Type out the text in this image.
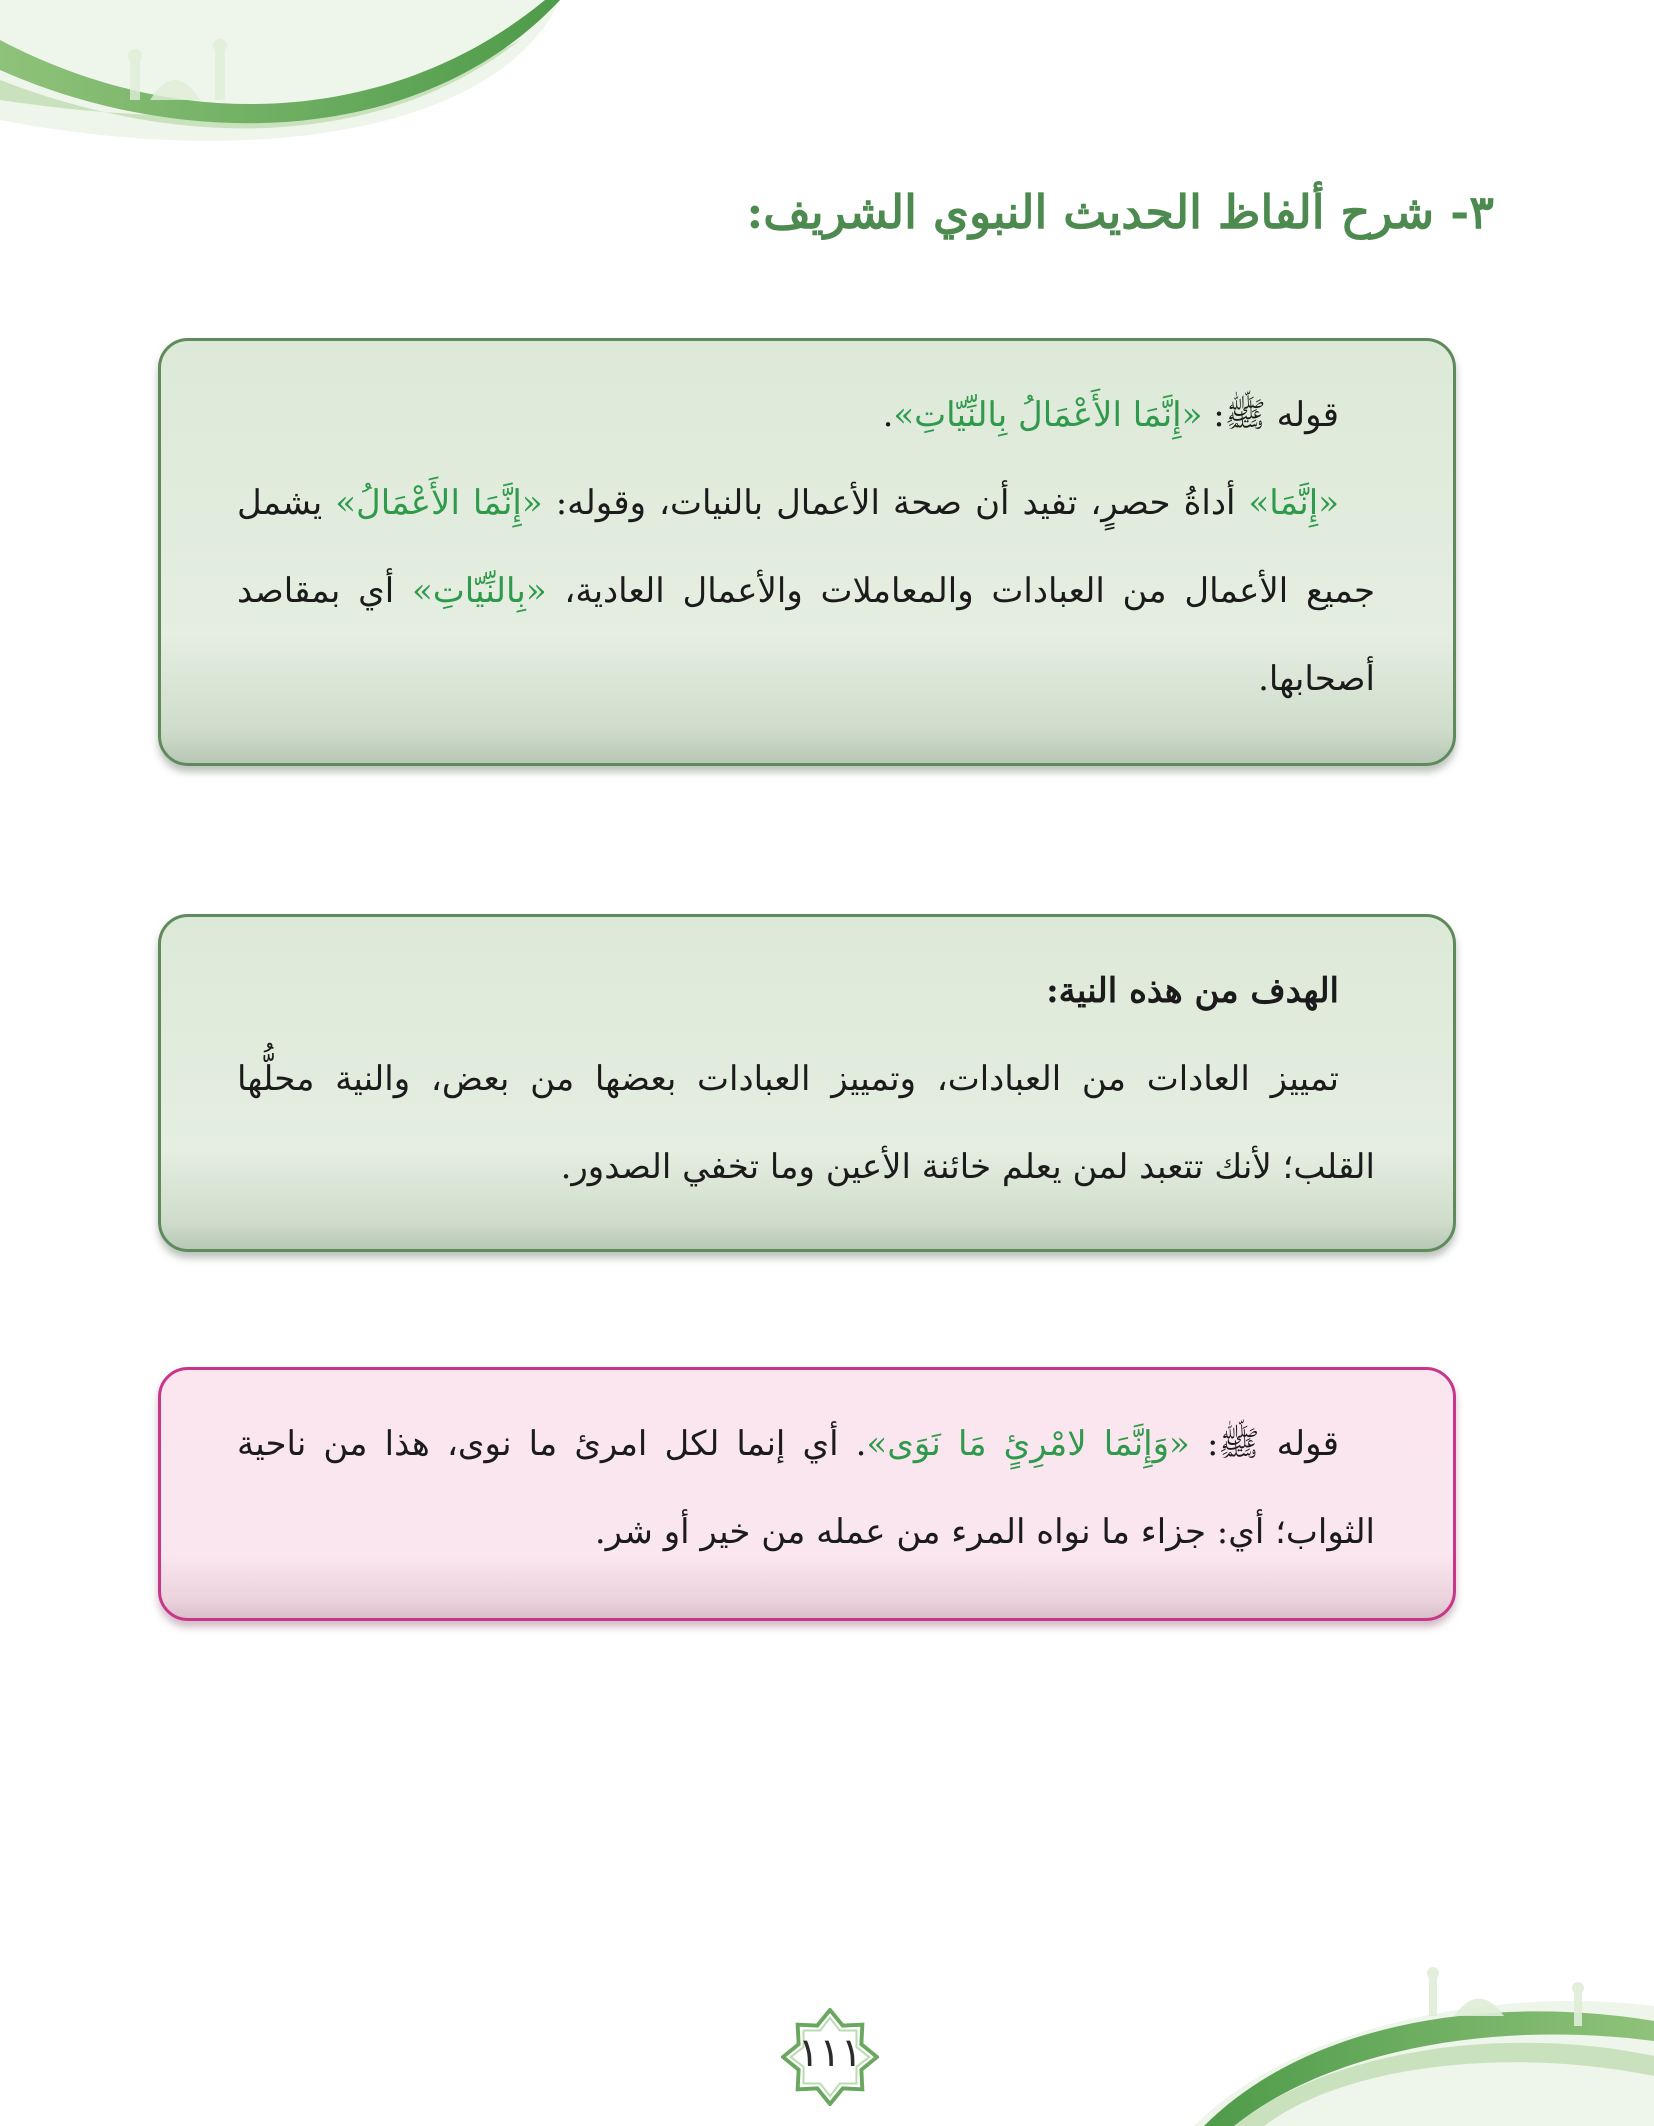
٣- شرح ألفاظ الحديث النبوي الشريف:

قوله ﷺ: «إِنَّمَا الأَعْمَالُ بِالنِّيّاتِ».

«إِنَّمَا» أداةُ حصرٍ، تفيد أن صحة الأعمال بالنيات، وقوله: «إِنَّمَا الأَعْمَالُ» يشمل جميع الأعمال من العبادات والمعاملات والأعمال العادية، «بِالنِّيّاتِ» أي بمقاصد أصحابها.

الهدف من هذه النية:

تمييز العادات من العبادات، وتمييز العبادات بعضها من بعض، والنية محلُّها القلب؛ لأنك تتعبد لمن يعلم خائنة الأعين وما تخفي الصدور.

قوله ﷺ: «وَإِنَّمَا لامْرِئٍ مَا نَوَى». أي إنما لكل امرئ ما نوى، هذا من ناحية الثواب؛ أي: جزاء ما نواه المرء من عمله من خير أو شر.

١١١
